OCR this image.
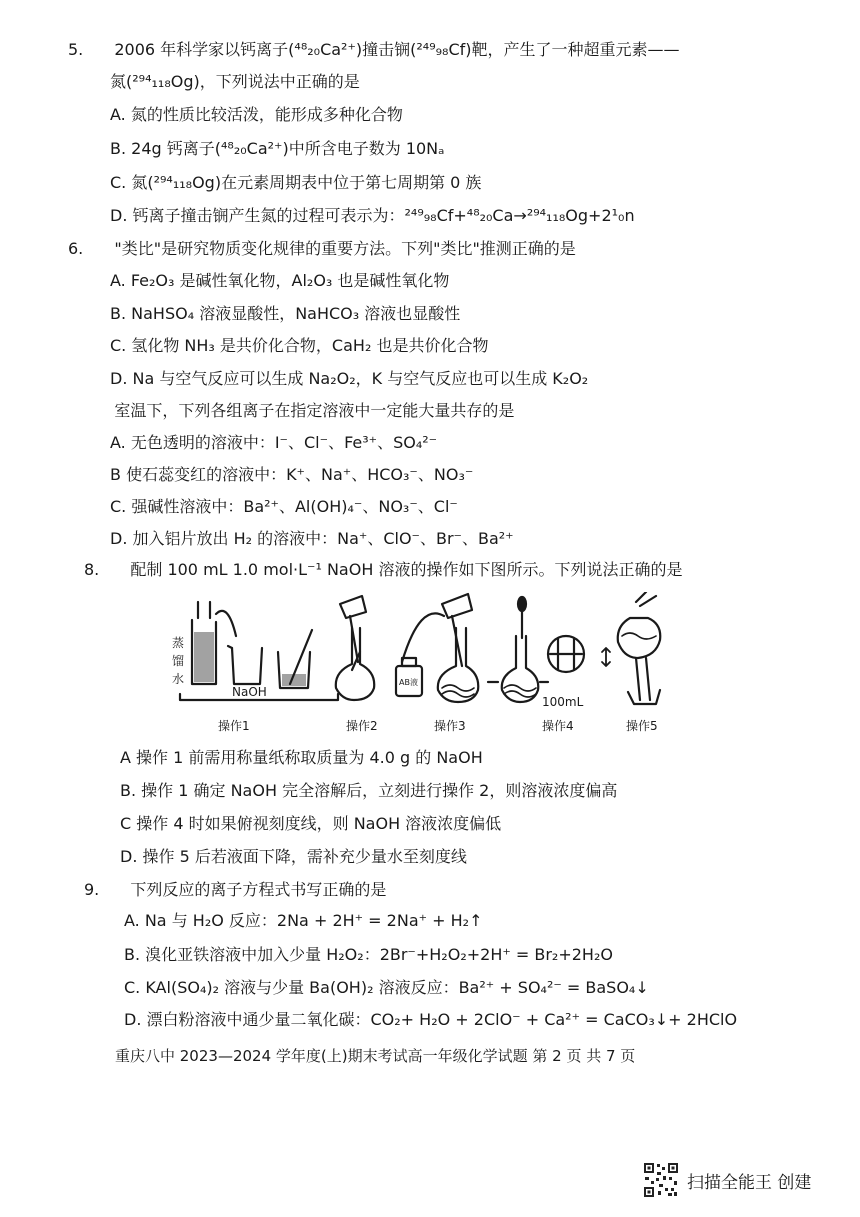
5. 2006 年科学家以钙离子(⁴⁸₂₀Ca²⁺)撞击锎(²⁴⁹₉₈Cf)靶，产生了一种超重元素——
氮(²⁹⁴₁₁₈Og)，下列说法中正确的是
A. 氮的性质比较活泼，能形成多种化合物
B. 24g 钙离子(⁴⁸₂₀Ca²⁺)中所含电子数为 10Nₐ
C. 氮(²⁹⁴₁₁₈Og)在元素周期表中位于第七周期第 0 族
D. 钙离子撞击锎产生氮的过程可表示为：²⁴⁹₉₈Cf+⁴⁸₂₀Ca→²⁹⁴₁₁₈Og+2¹₀n
6. "类比"是研究物质变化规律的重要方法。下列"类比"推测正确的是
A. Fe₂O₃ 是碱性氧化物，Al₂O₃ 也是碱性氧化物
B. NaHSO₄ 溶液显酸性，NaHCO₃ 溶液也显酸性
C. 氢化物 NH₃ 是共价化合物，CaH₂ 也是共价化合物
D. Na 与空气反应可以生成 Na₂O₂，K 与空气反应也可以生成 K₂O₂
室温下，下列各组离子在指定溶液中一定能大量共存的是
A. 无色透明的溶液中：I⁻、Cl⁻、Fe³⁺、SO₄²⁻
B 使石蕊变红的溶液中：K⁺、Na⁺、HCO₃⁻、NO₃⁻
C. 强碱性溶液中：Ba²⁺、Al(OH)₄⁻、NO₃⁻、Cl⁻
D. 加入铝片放出 H₂ 的溶液中：Na⁺、ClO⁻、Br⁻、Ba²⁺
8. 配制 100 mL 1.0 mol·L⁻¹ NaOH 溶液的操作如下图所示。下列说法正确的是
蒸
馏
水
NaOH
AB液
100mL
操作1	操作2	操作3	操作4	操作5
A 操作 1 前需用称量纸称取质量为 4.0 g 的 NaOH
B. 操作 1 确定 NaOH 完全溶解后，立刻进行操作 2，则溶液浓度偏高
C 操作 4 时如果俯视刻度线，则 NaOH 溶液浓度偏低
D. 操作 5 后若液面下降，需补充少量水至刻度线
9. 下列反应的离子方程式书写正确的是
A. Na 与 H₂O 反应：2Na + 2H⁺ = 2Na⁺ + H₂↑
B. 溴化亚铁溶液中加入少量 H₂O₂：2Br⁻+H₂O₂+2H⁺ = Br₂+2H₂O
C. KAl(SO₄)₂ 溶液与少量 Ba(OH)₂ 溶液反应：Ba²⁺ + SO₄²⁻ = BaSO₄↓
D. 漂白粉溶液中通少量二氧化碳：CO₂+ H₂O + 2ClO⁻ + Ca²⁺ = CaCO₃↓+ 2HClO
重庆八中 2023—2024 学年度(上)期末考试高一年级化学试题 第 2 页 共 7 页
扫描全能王 创建
